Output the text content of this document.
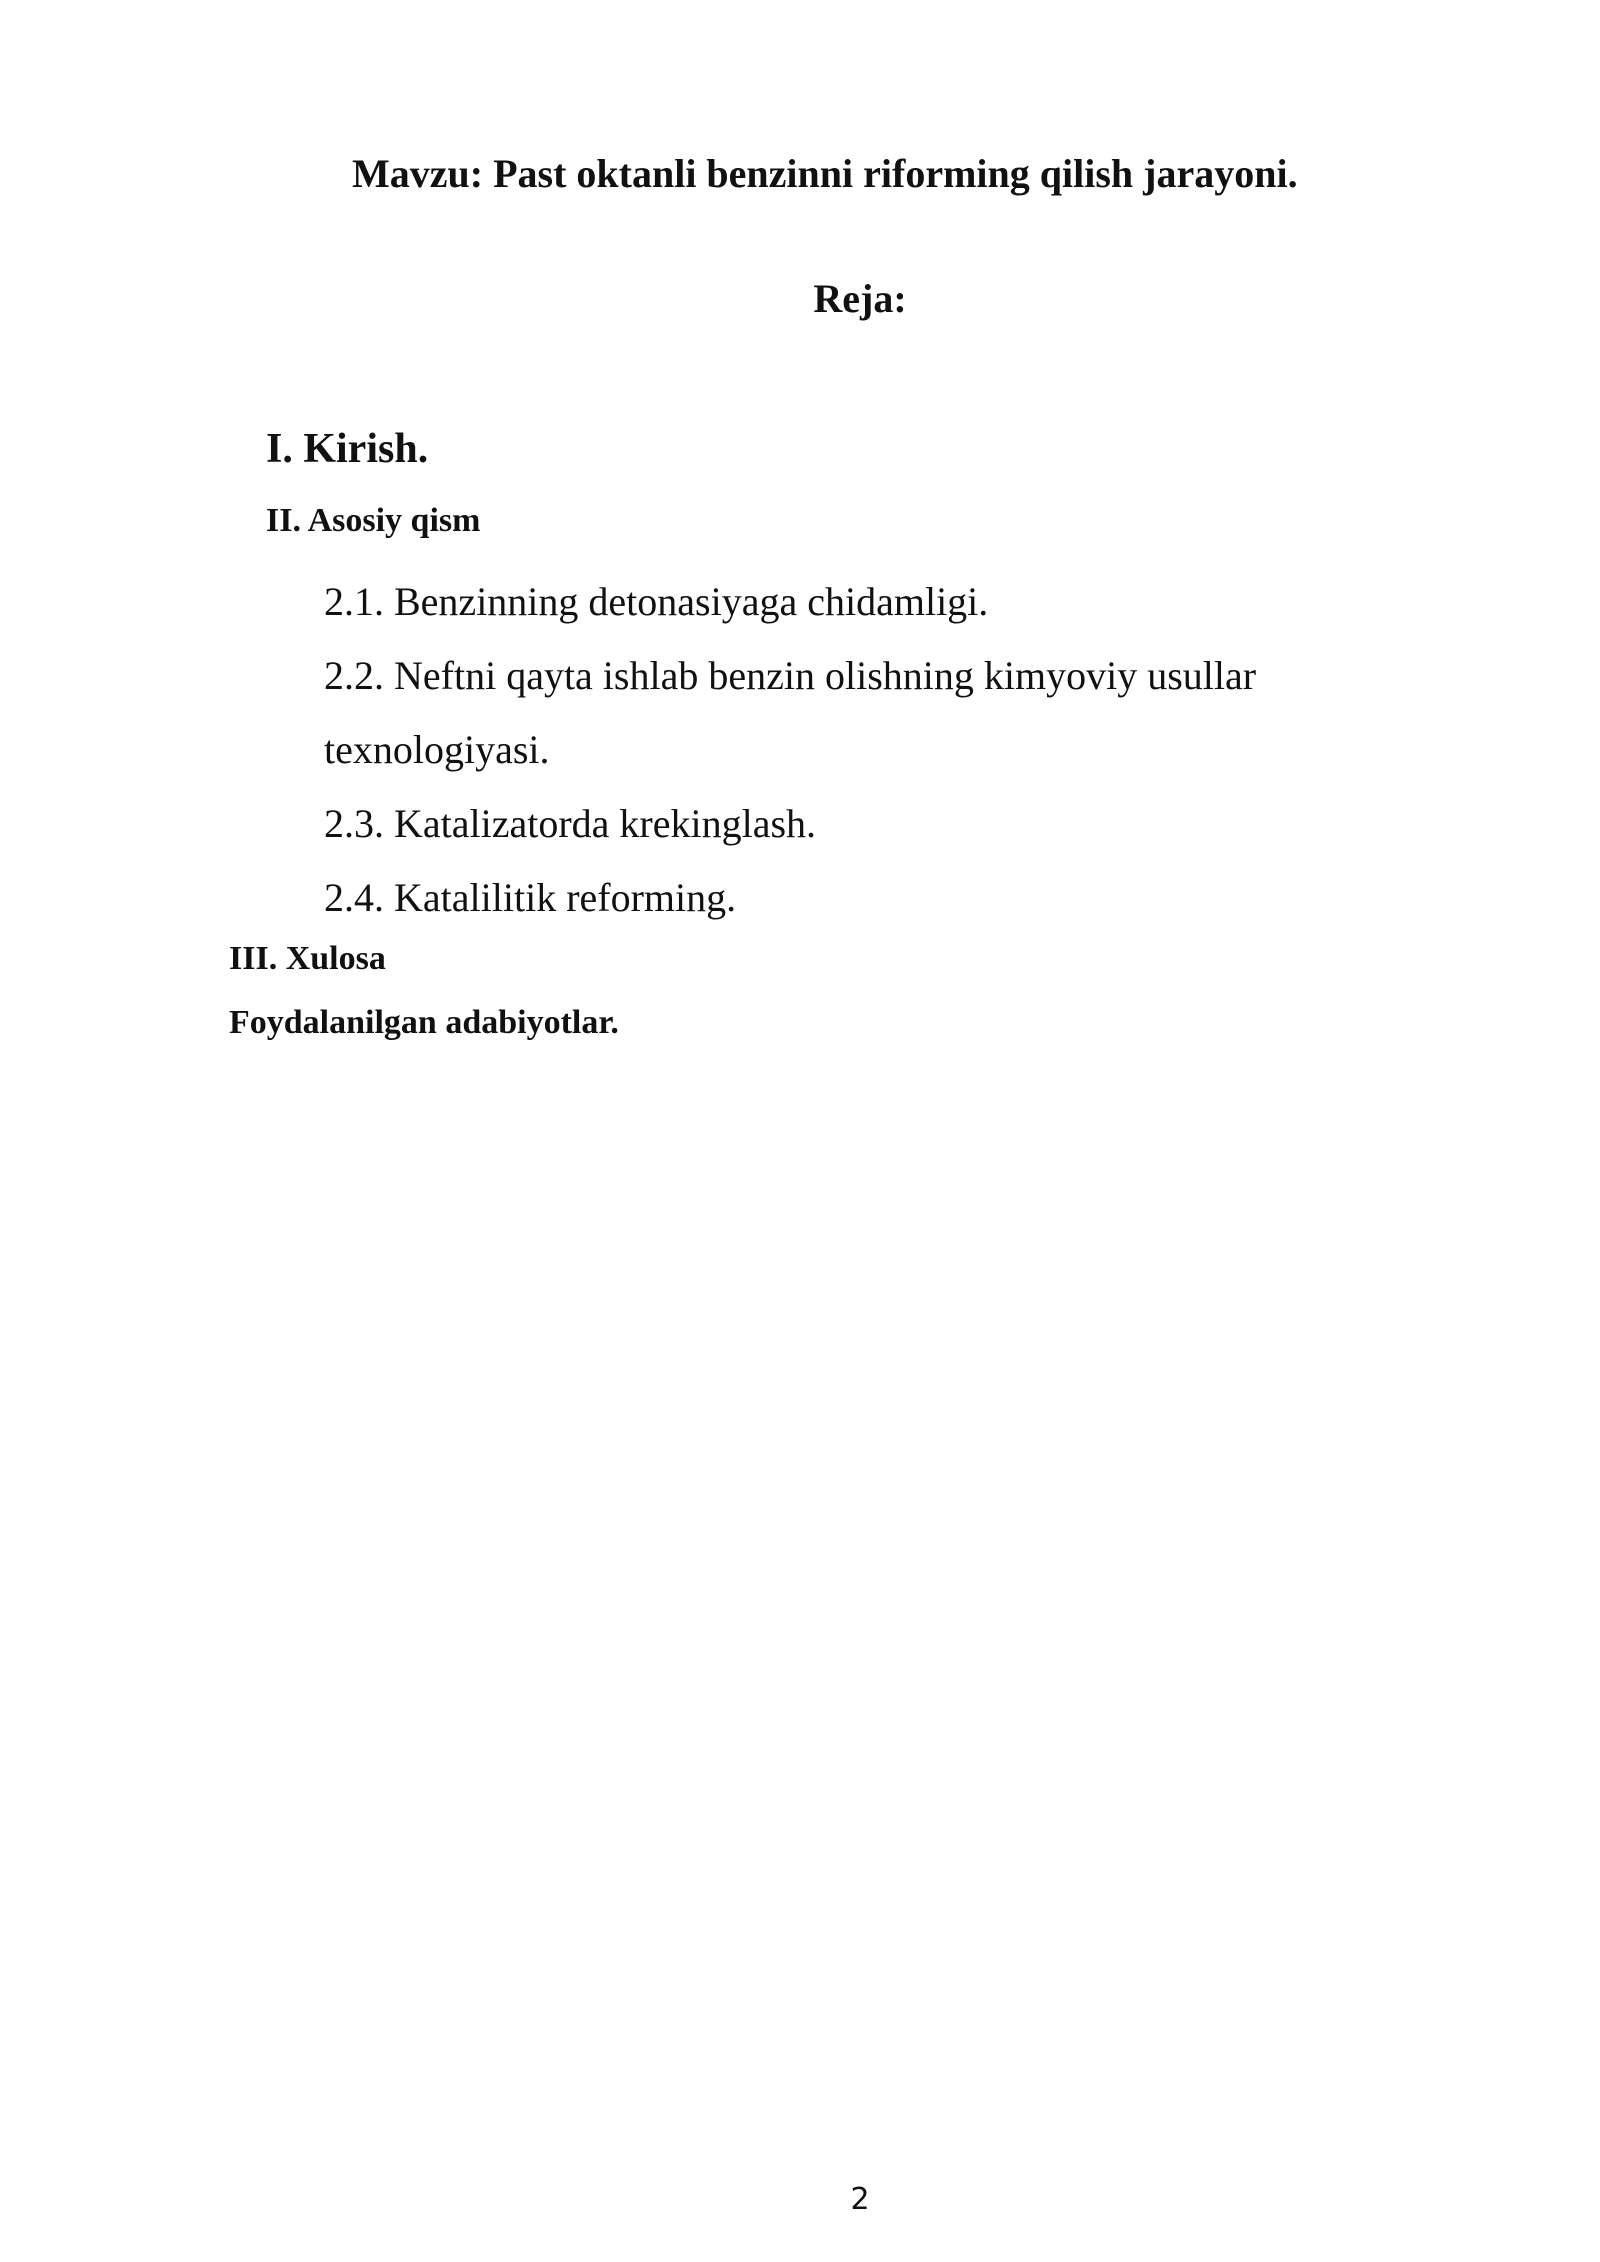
Mavzu: Past oktanli benzinni riforming qilish jarayoni.
Reja:
I. Kirish.
II. Asosiy qism
2.1. Benzinning detonasiyaga chidamligi.
2.2. Neftni qayta ishlab benzin olishning kimyoviy usullar texnologiyasi.
2.3. Katalizatorda krekinglash.
2.4. Katalilitik reforming.
III. Xulosa
Foydalanilgan adabiyotlar.
2
